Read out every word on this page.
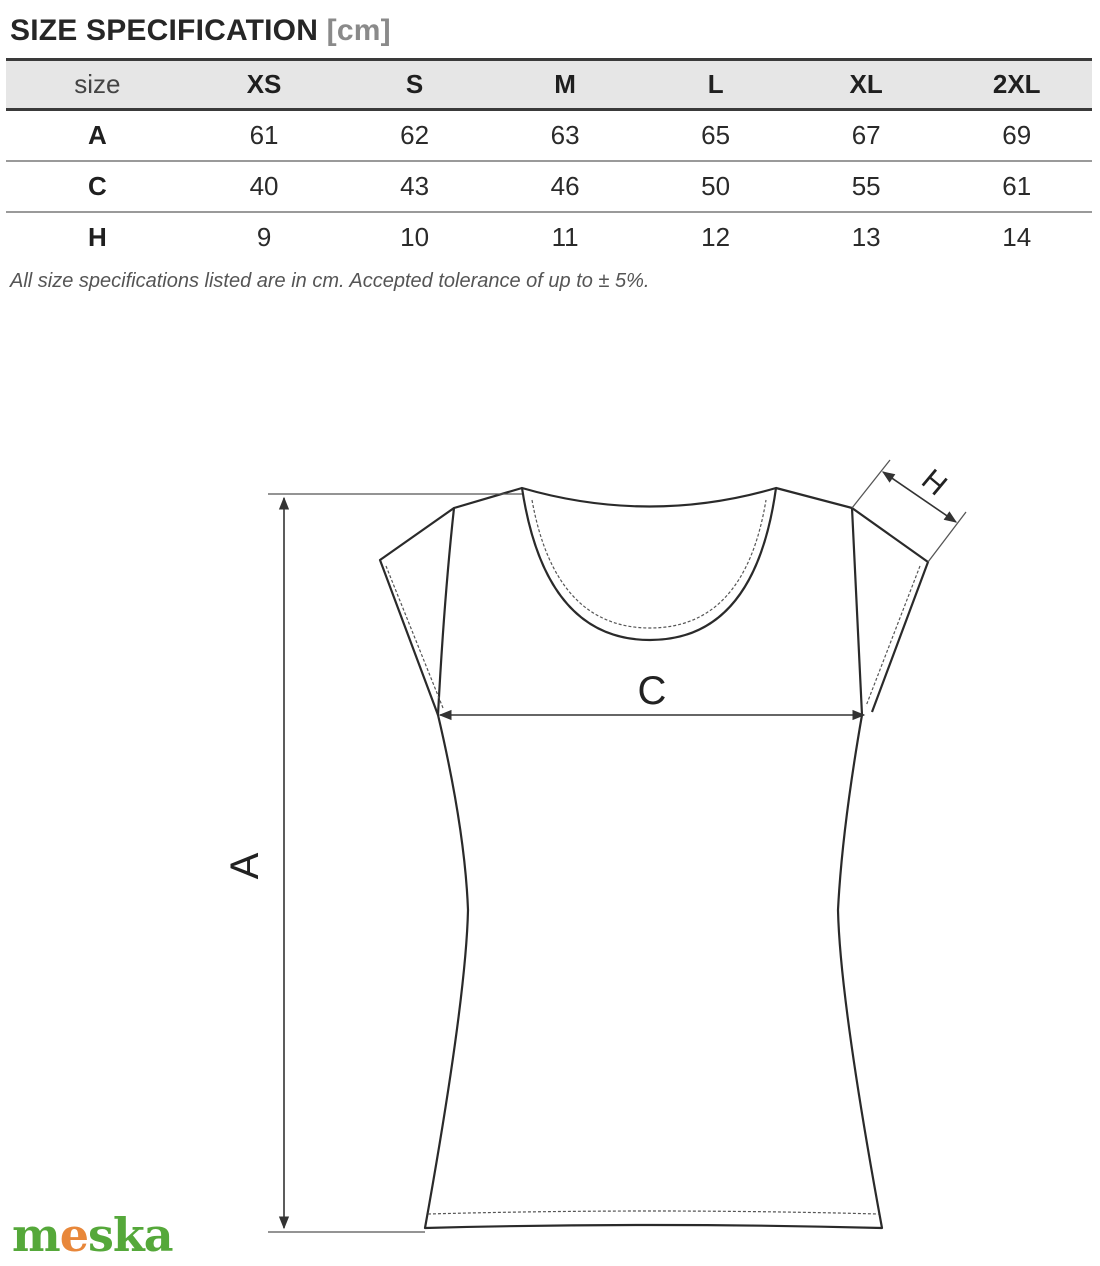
SIZE SPECIFICATION [cm]
size	XS	S	M	L	XL	2XL
A	61	62	63	65	67	69
C	40	43	46	50	55	61
H	9	10	11	12	13	14
All size specifications listed are in cm. Accepted tolerance of up to ± 5%.
A
C
H
meska
